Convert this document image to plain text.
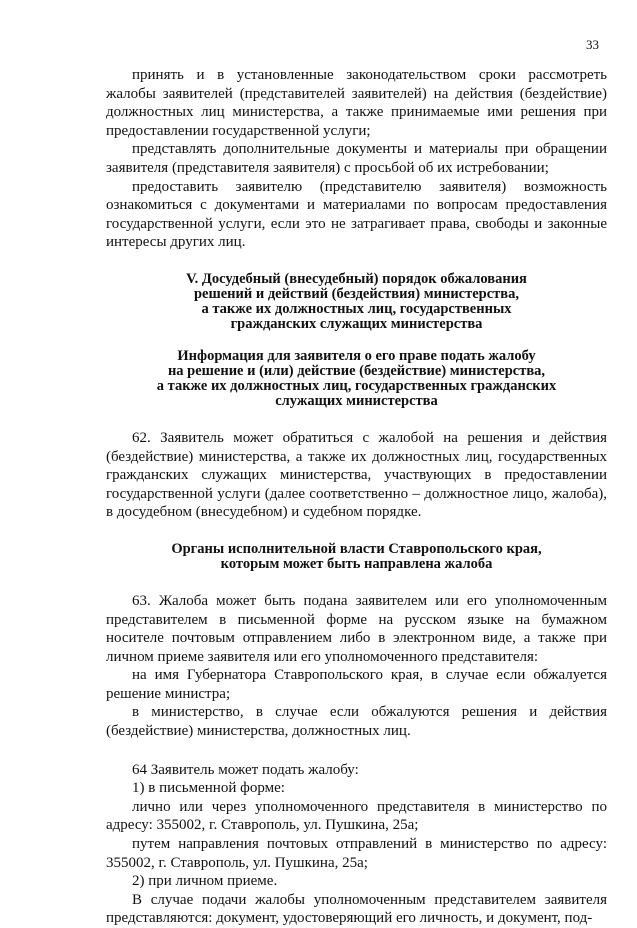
33

принять и в установленные законодательством сроки рассмотреть жалобы заявителей (представителей заявителей) на действия (бездействие) должностных лиц министерства, а также принимаемые ими решения при предоставлении государственной услуги;

представлять дополнительные документы и материалы при обращении заявителя (представителя заявителя) с просьбой об их истребовании;

предоставить заявителю (представителю заявителя) возможность ознакомиться с документами и материалами по вопросам предоставления государственной услуги, если это не затрагивает права, свободы и законные интересы других лиц.

V. Досудебный (внесудебный) порядок обжалования
решений и действий (бездействия) министерства,
а также их должностных лиц, государственных
гражданских служащих министерства
Информация для заявителя о его праве подать жалобу
на решение и (или) действие (бездействие) министерства,
а также их должностных лиц, государственных гражданских
служащих министерства

62. Заявитель может обратиться с жалобой на решения и действия (бездействие) министерства, а также их должностных лиц, государственных гражданских служащих министерства, участвующих в предоставлении государственной услуги (далее соответственно – должностное лицо, жалоба), в досудебном (внесудебном) и судебном порядке.

Органы исполнительной власти Ставропольского края,
которым может быть направлена жалоба

63. Жалоба может быть подана заявителем или его уполномоченным представителем в письменной форме на русском языке на бумажном носителе почтовым отправлением либо в электронном виде, а также при личном приеме заявителя или его уполномоченного представителя:

на имя Губернатора Ставропольского края, в случае если обжалуется решение министра;

в министерство, в случае если обжалуются решения и действия (бездействие) министерства, должностных лиц.

64 Заявитель может подать жалобу:

1) в письменной форме:

лично или через уполномоченного представителя в министерство по адресу: 355002, г. Ставрополь, ул. Пушкина, 25а;

путем направления почтовых отправлений в министерство по адресу: 355002, г. Ставрополь, ул. Пушкина, 25а;

2) при личном приеме.

В случае подачи жалобы уполномоченным представителем заявителя представляются: документ, удостоверяющий его личность, и документ, под-
